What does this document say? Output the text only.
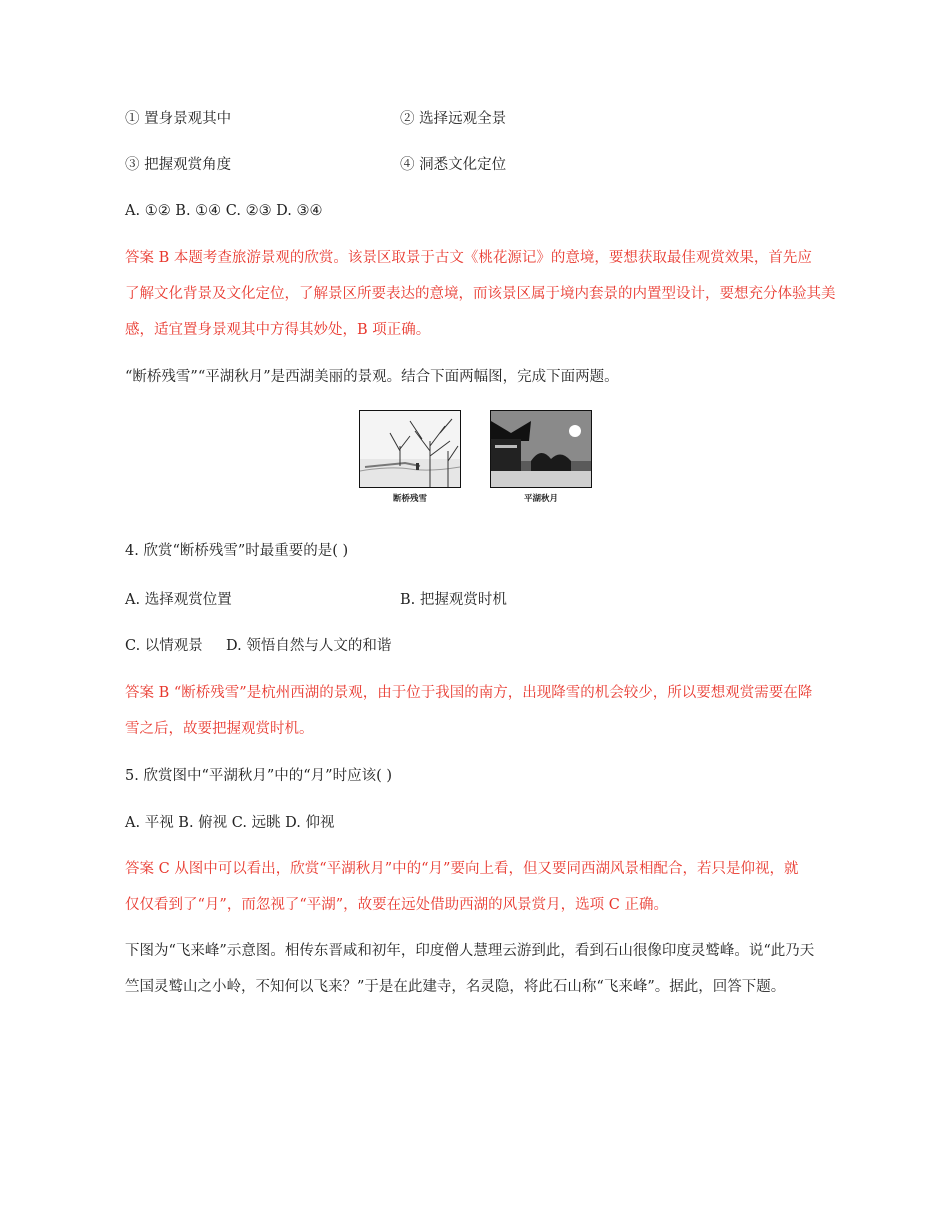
① 置身景观其中	② 选择远观全景
③ 把握观赏角度	④ 洞悉文化定位
A. ①② B. ①④ C. ②③ D. ③④
答案 B 本题考查旅游景观的欣赏。该景区取景于古文《桃花源记》的意境，要想获取最佳观赏效果，首先应
了解文化背景及文化定位，了解景区所要表达的意境，而该景区属于境内套景的内置型设计，要想充分体验其美
感，适宜置身景观其中方得其妙处，B 项正确。
“断桥残雪”“平湖秋月”是西湖美丽的景观。结合下面两幅图，完成下面两题。
断桥残雪	平湖秋月
4. 欣赏“断桥残雪”时最重要的是( )
A. 选择观赏位置	B. 把握观赏时机
C. 以情观景 D. 领悟自然与人文的和谐
答案 B “断桥残雪”是杭州西湖的景观，由于位于我国的南方，出现降雪的机会较少，所以要想观赏需要在降
雪之后，故要把握观赏时机。
5. 欣赏图中“平湖秋月”中的“月”时应该( )
A. 平视 B. 俯视 C. 远眺 D. 仰视
答案 C 从图中可以看出，欣赏“平湖秋月”中的“月”要向上看，但又要同西湖风景相配合，若只是仰视，就
仅仅看到了“月”，而忽视了“平湖”，故要在远处借助西湖的风景赏月，选项 C 正确。
下图为“飞来峰”示意图。相传东晋咸和初年，印度僧人慧理云游到此，看到石山很像印度灵鹫峰。说“此乃天
竺国灵鹫山之小岭，不知何以飞来？”于是在此建寺，名灵隐，将此石山称“飞来峰”。据此，回答下题。
